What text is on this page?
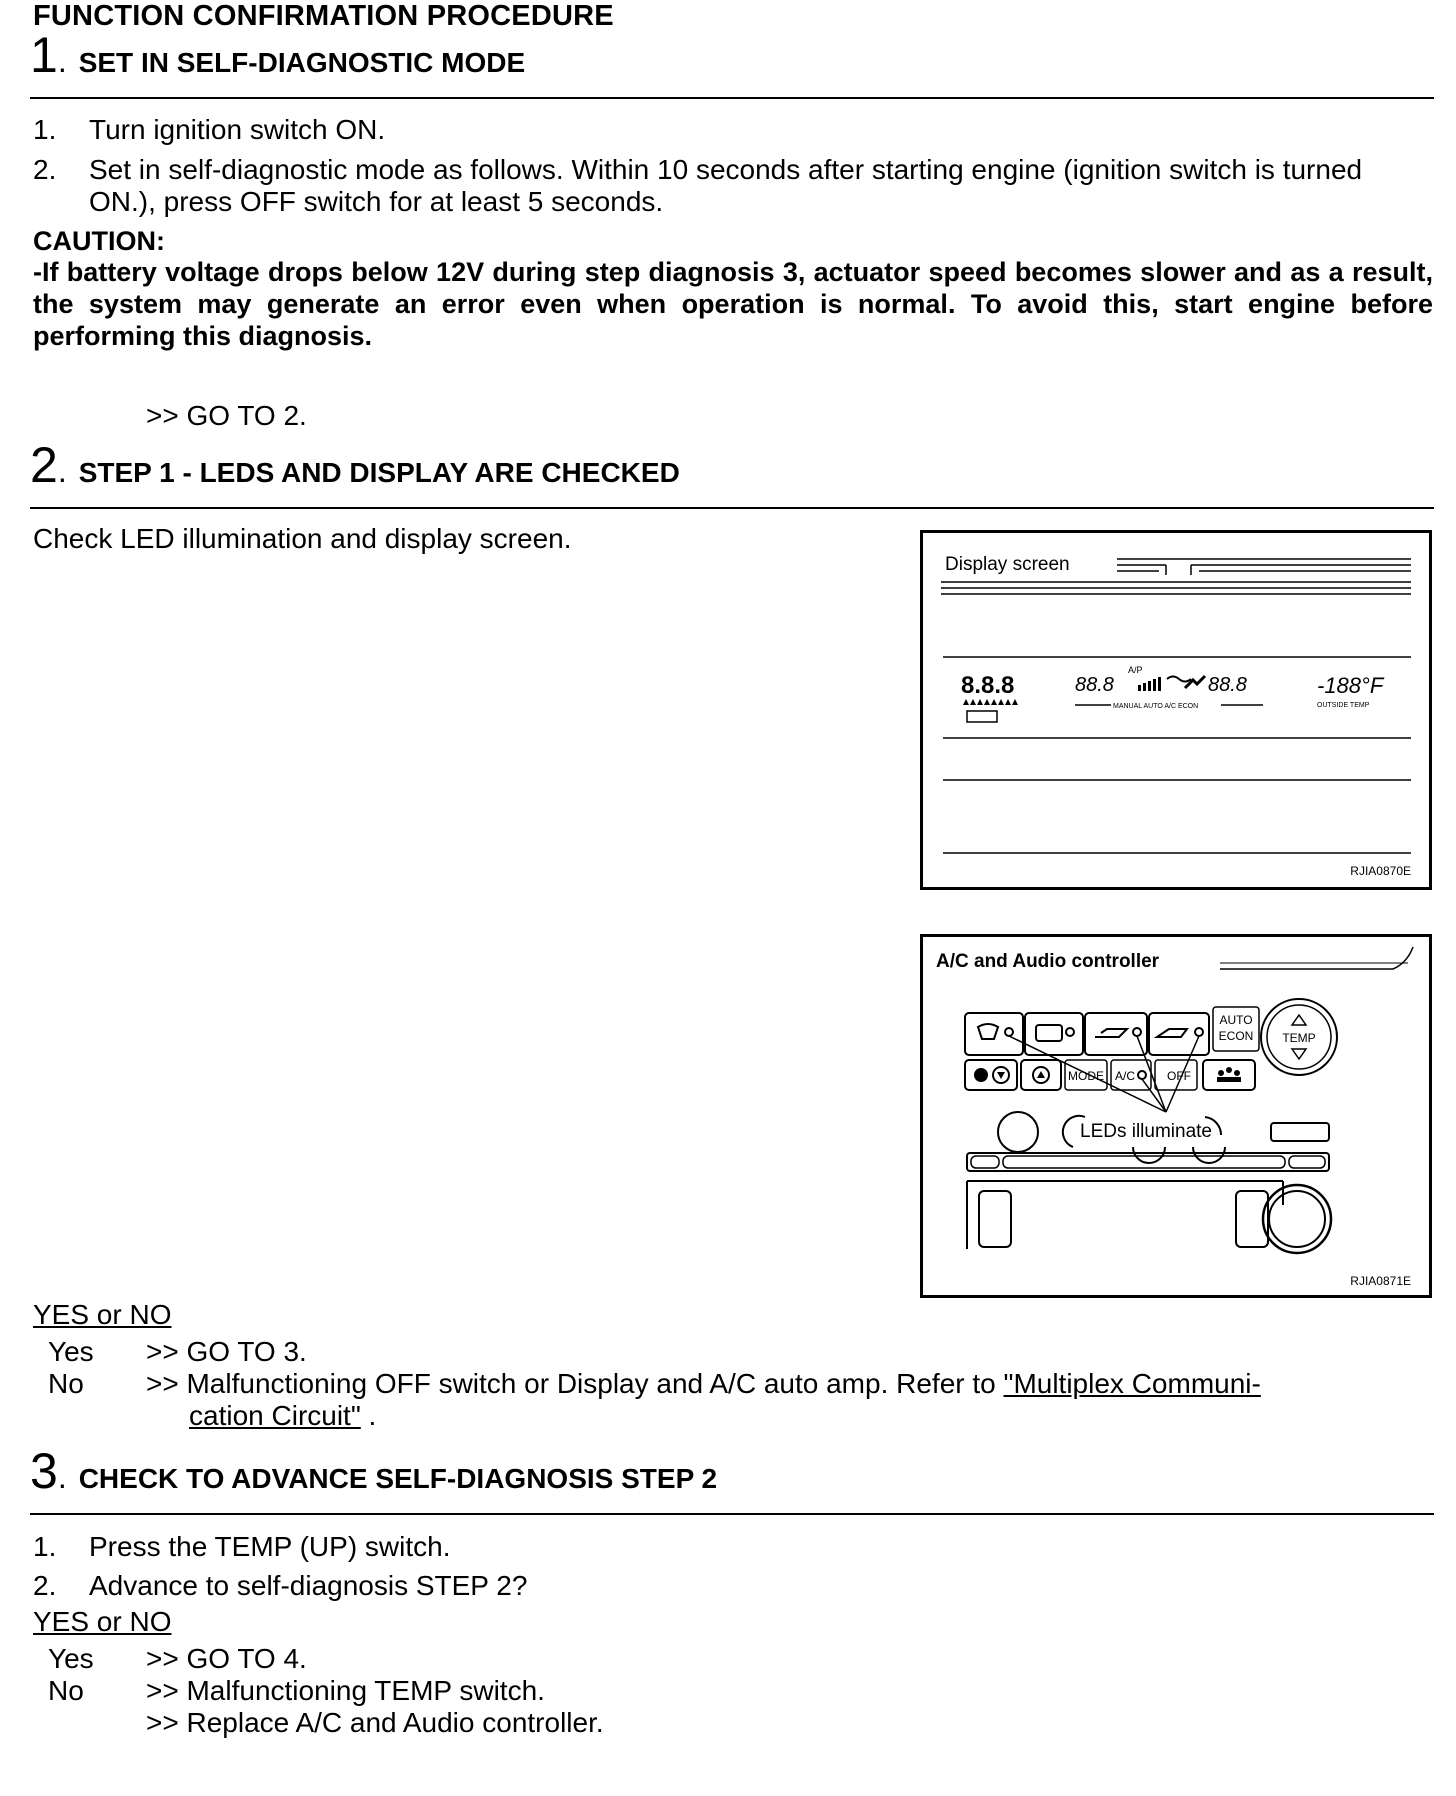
FUNCTION CONFIRMATION PROCEDURE
1 . SET IN SELF-DIAGNOSTIC MODE
1. Turn ignition switch ON.
2. Set in self-diagnostic mode as follows. Within 10 seconds after starting engine (ignition switch is turned
ON.), press OFF switch for at least 5 seconds.
CAUTION:
-If battery voltage drops below 12V during step diagnosis 3, actuator speed becomes slower and as a result, the system may generate an error even when operation is normal. To avoid this, start engine before performing this diagnosis.
>> GO TO 2.
2 . STEP 1 - LEDS AND DISPLAY ARE CHECKED
Check LED illumination and display screen.
Display screen
8.8.8	88.8
A/P
88.8
MANUAL AUTO A/C ECON
-188°F
OUTSIDE TEMP
RJIA0870E
A/C and Audio controller
AUTO
ECON TEMP
MODE A/C	OFF
LEDs illuminate
RJIA0871E
YES or NO
Yes >> GO TO 3.
No >> Malfunctioning OFF switch or Display and A/C auto amp. Refer to "Multiplex Communi-
cation Circuit" .
3 . CHECK TO ADVANCE SELF-DIAGNOSIS STEP 2
1. Press the TEMP (UP) switch.
2. Advance to self-diagnosis STEP 2?
YES or NO
Yes >> GO TO 4.
No >> Malfunctioning TEMP switch.
>> Replace A/C and Audio controller.
